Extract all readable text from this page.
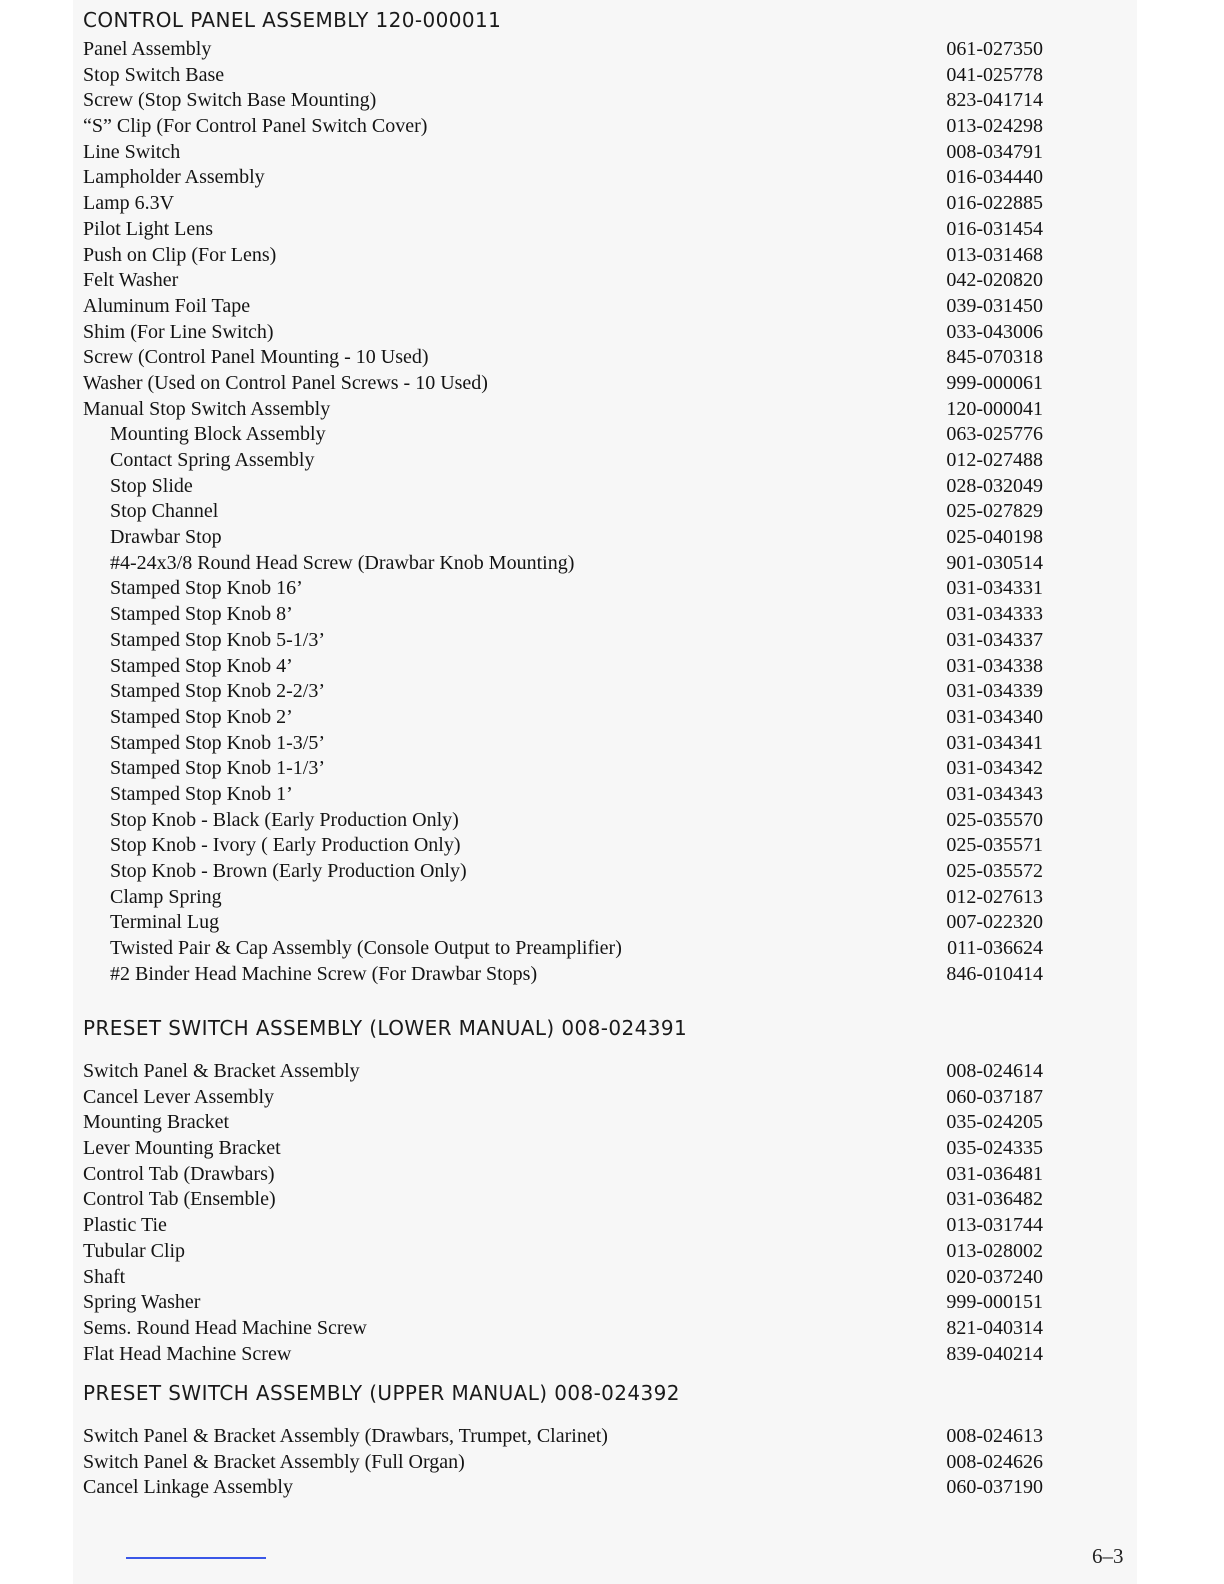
CONTROL PANEL ASSEMBLY 120-000011
Panel Assembly	061-027350
Stop Switch Base	041-025778
Screw (Stop Switch Base Mounting)	823-041714
“S” Clip (For Control Panel Switch Cover)	013-024298
Line Switch	008-034791
Lampholder Assembly	016-034440
Lamp 6.3V	016-022885
Pilot Light Lens	016-031454
Push on Clip (For Lens)	013-031468
Felt Washer	042-020820
Aluminum Foil Tape	039-031450
Shim (For Line Switch)	033-043006
Screw (Control Panel Mounting - 10 Used)	845-070318
Washer (Used on Control Panel Screws - 10 Used)	999-000061
Manual Stop Switch Assembly	120-000041
Mounting Block Assembly	063-025776
Contact Spring Assembly	012-027488
Stop Slide	028-032049
Stop Channel	025-027829
Drawbar Stop	025-040198
#4-24x3/8 Round Head Screw (Drawbar Knob Mounting)	901-030514
Stamped Stop Knob 16’	031-034331
Stamped Stop Knob 8’	031-034333
Stamped Stop Knob 5-1/3’	031-034337
Stamped Stop Knob 4’	031-034338
Stamped Stop Knob 2-2/3’	031-034339
Stamped Stop Knob 2’	031-034340
Stamped Stop Knob 1-3/5’	031-034341
Stamped Stop Knob 1-1/3’	031-034342
Stamped Stop Knob 1’	031-034343
Stop Knob - Black (Early Production Only)	025-035570
Stop Knob - Ivory ( Early Production Only)	025-035571
Stop Knob - Brown (Early Production Only)	025-035572
Clamp Spring	012-027613
Terminal Lug	007-022320
Twisted Pair & Cap Assembly (Console Output to Preamplifier)	011-036624
#2 Binder Head Machine Screw (For Drawbar Stops)	846-010414
PRESET SWITCH ASSEMBLY (LOWER MANUAL) 008-024391
Switch Panel & Bracket Assembly	008-024614
Cancel Lever Assembly	060-037187
Mounting Bracket	035-024205
Lever Mounting Bracket	035-024335
Control Tab (Drawbars)	031-036481
Control Tab (Ensemble)	031-036482
Plastic Tie	013-031744
Tubular Clip	013-028002
Shaft	020-037240
Spring Washer	999-000151
Sems. Round Head Machine Screw	821-040314
Flat Head Machine Screw	839-040214
PRESET SWITCH ASSEMBLY (UPPER MANUAL) 008-024392
Switch Panel & Bracket Assembly (Drawbars, Trumpet, Clarinet)	008-024613
Switch Panel & Bracket Assembly (Full Organ)	008-024626
Cancel Linkage Assembly	060-037190
6–3
